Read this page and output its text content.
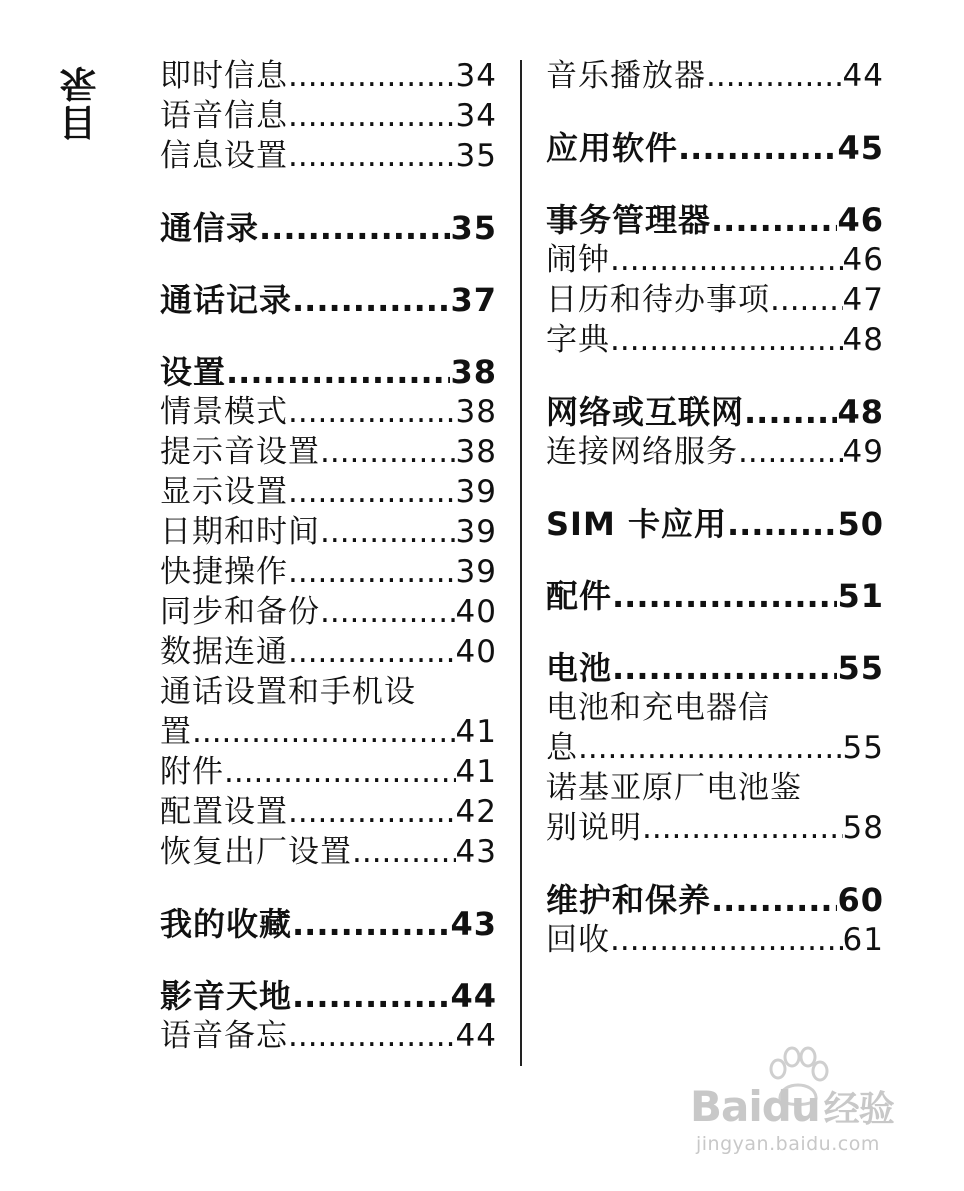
目录 即时信息 .....	34
语音信息 .....	34
信息设置 .....	35
通信录 .....	35
通话记录 .....	37
设置 .....	38
情景模式 .....	38
提示音设置 .....	38
显示设置 .....	39
日期和时间 .....	39
快捷操作 .....	39
同步和备份 .....	40
数据连通 .....	40
通话设置和手机设
置 .....	41
附件 .....	41
配置设置 .....	42
恢复出厂设置 .....	43
我的收藏 .....	43
影音天地 .....	44
语音备忘 .....	44
音乐播放器 .....	44
应用软件 .....	45
事务管理器 .....	46
闹钟 .....	46
日历和待办事项 ..... 47
字典 .....	48
网络或互联网 .....	48
连接网络服务 .....	49
SIM 卡应用 .....	50
配件 .....	51
电池 .....	55
电池和充电器信
息 .....	55
诺基亚原厂电池鉴
别说明 .....	58
维护和保养 .....	60
回收 .....	61
Baidu 经验
jingyan.baidu.com
